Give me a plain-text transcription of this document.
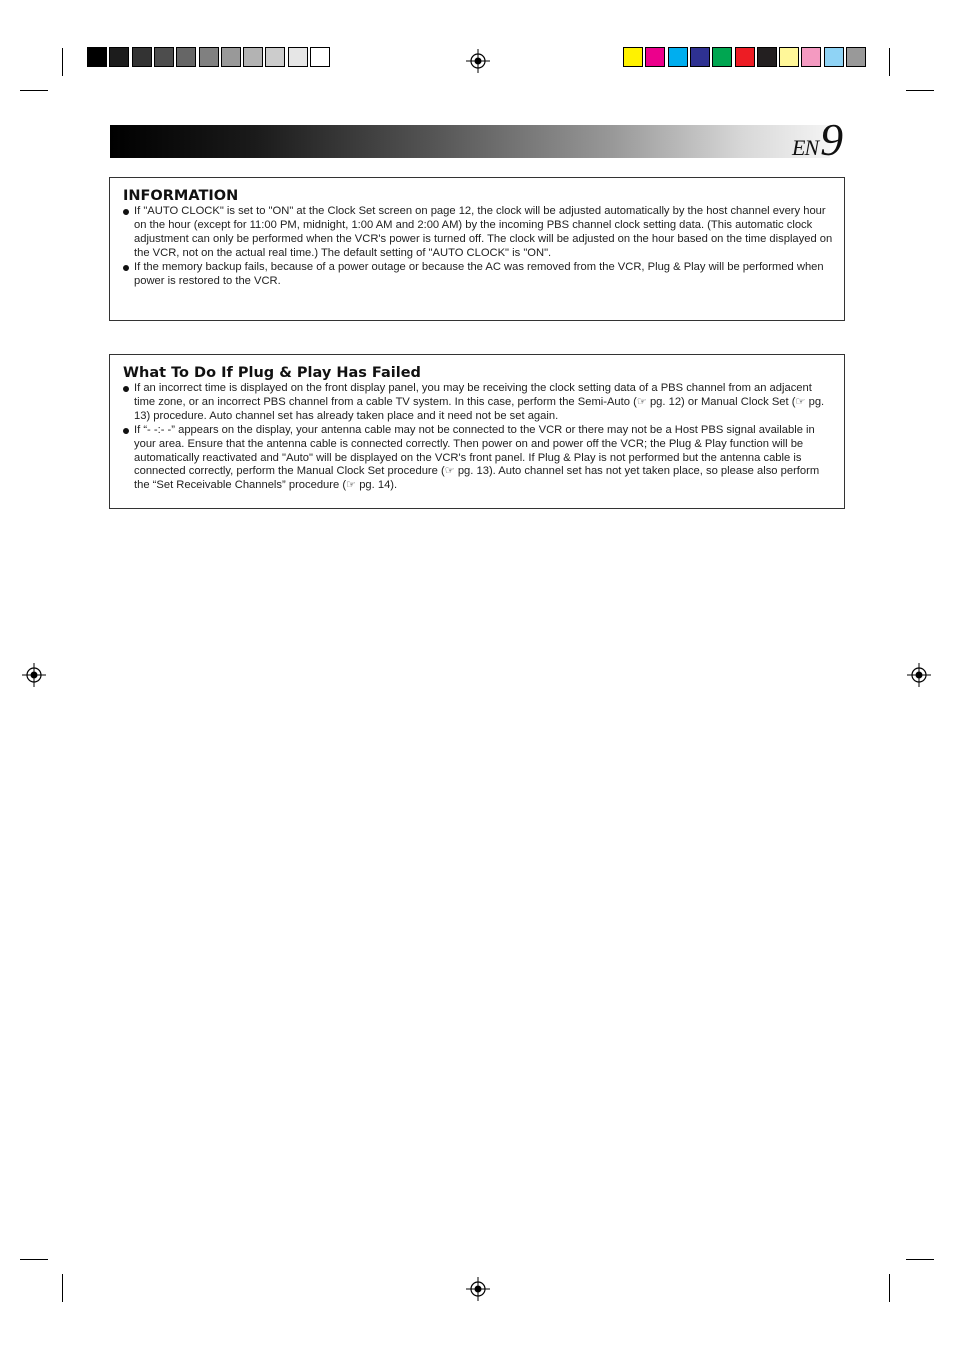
EN9
INFORMATION
If "AUTO CLOCK" is set to "ON" at the Clock Set screen on page 12, the clock will be adjusted automatically by the host channel every hour on the hour (except for 11:00 PM, midnight, 1:00 AM and 2:00 AM) by the incoming PBS channel clock setting data. (This automatic clock adjustment can only be performed when the VCR's power is turned off. The clock will be adjusted on the hour based on the time displayed on the VCR, not on the actual real time.) The default setting of "AUTO CLOCK" is "ON".
If the memory backup fails, because of a power outage or because the AC was removed from the VCR, Plug & Play will be performed when power is restored to the VCR.
What To Do If Plug & Play Has Failed
If an incorrect time is displayed on the front display panel, you may be receiving the clock setting data of a PBS channel from an adjacent time zone, or an incorrect PBS channel from a cable TV system. In this case, perform the Semi-Auto (☞ pg. 12) or Manual Clock Set (☞ pg. 13) procedure. Auto channel set has already taken place and it need not be set again.
If “- -:- -” appears on the display, your antenna cable may not be connected to the VCR or there may not be a Host PBS signal available in your area. Ensure that the antenna cable is connected correctly. Then power on and power off the VCR; the Plug & Play function will be automatically reactivated and "Auto" will be displayed on the VCR's front panel. If Plug & Play is not performed but the antenna cable is connected correctly, perform the Manual Clock Set procedure (☞ pg. 13). Auto channel set has not yet taken place, so please also perform the “Set Receivable Channels” procedure (☞ pg. 14).
